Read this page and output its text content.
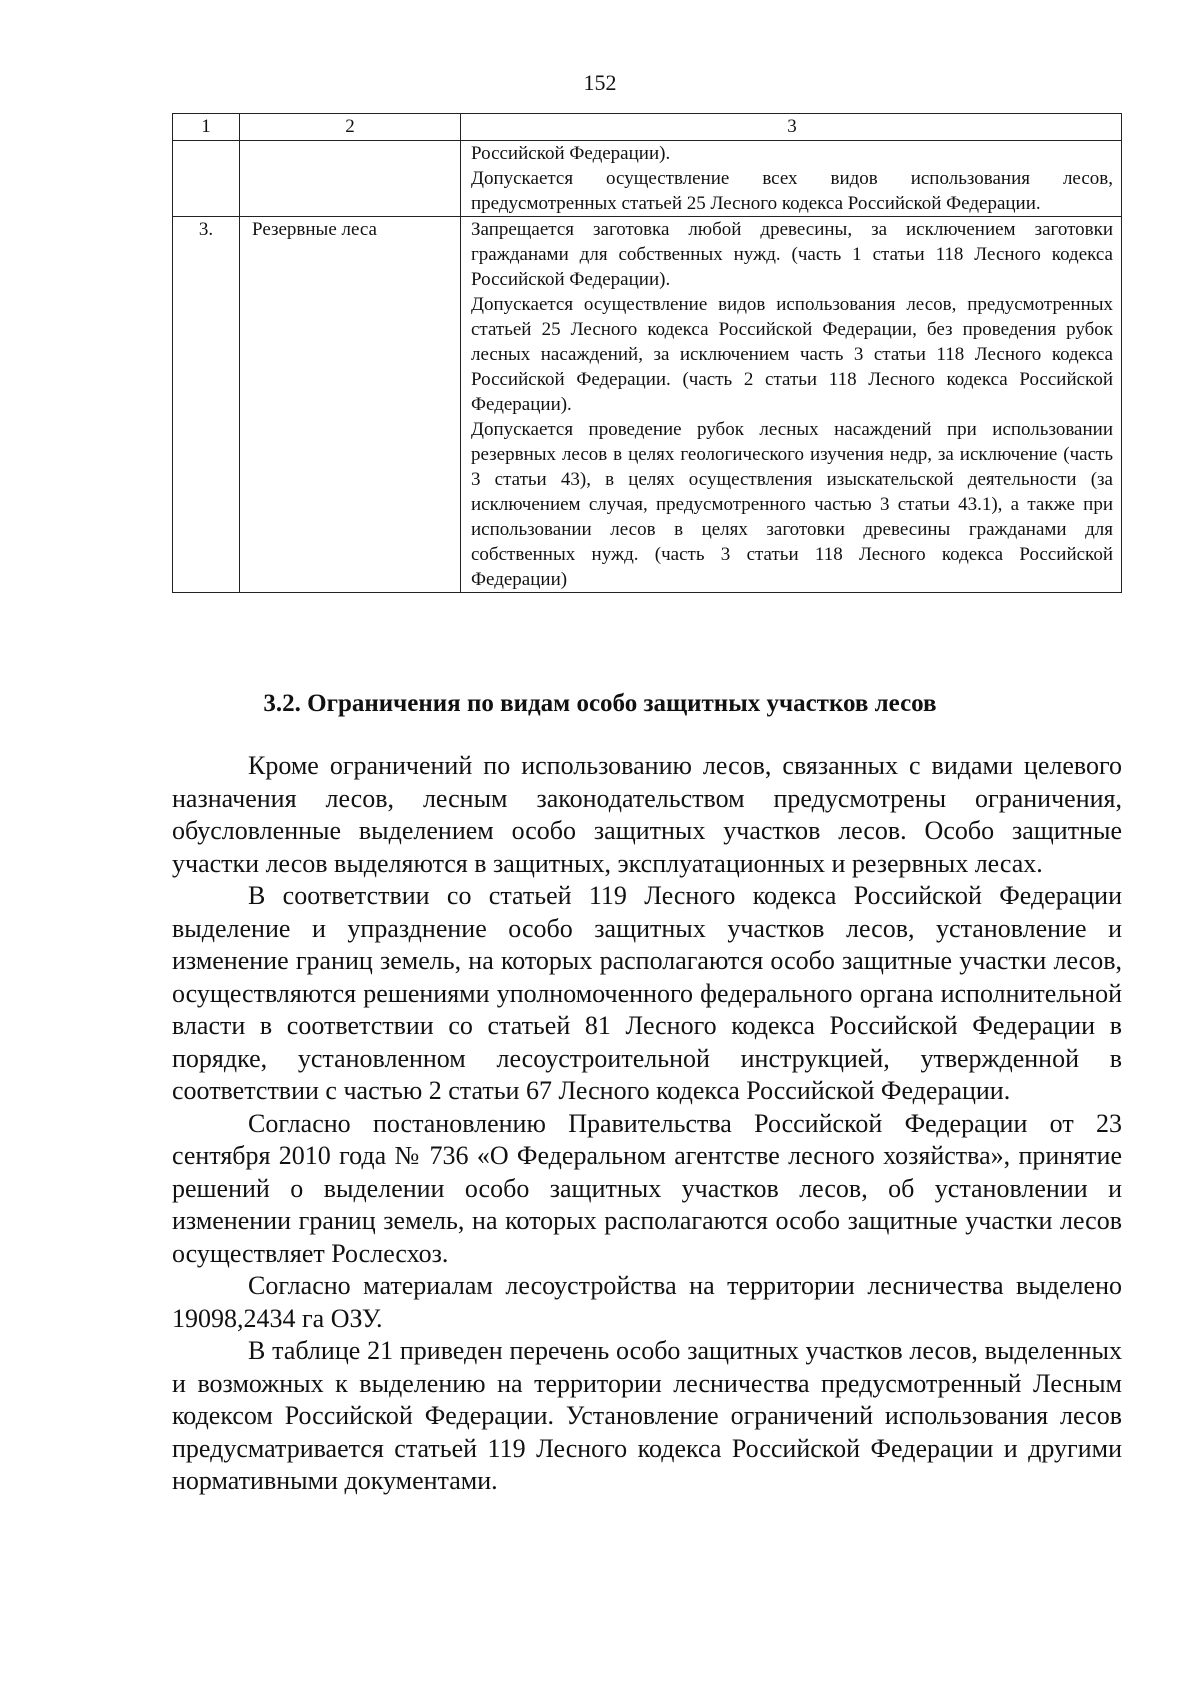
152
1	2	3

		Российской Федерации).

Допускается осуществление всех видов использования лесов, предусмотренных статьей 25 Лесного кодекса Российской Федерации.

3.	Резервные леса	Запрещается заготовка любой древесины, за исключением заготовки гражданами для собственных нужд. (часть 1 статьи 118 Лесного кодекса Российской Федерации).

Допускается осуществление видов использования лесов, предусмотренных статьей 25 Лесного кодекса Российской Федерации, без проведения рубок лесных насаждений, за исключением часть 3 статьи 118 Лесного кодекса Российской Федерации. (часть 2 статьи 118 Лесного кодекса Российской Федерации).

Допускается проведение рубок лесных насаждений при использовании резервных лесов в целях геологического изучения недр, за исключение (часть 3 статьи 43), в целях осуществления изыскательской деятельности (за исключением случая, предусмотренного частью 3 статьи 43.1), а также при использовании лесов в целях заготовки древесины гражданами для собственных нужд. (часть 3 статьи 118 Лесного кодекса Российской Федерации)

3.2. Ограничения по видам особо защитных участков лесов

Кроме ограничений по использованию лесов, связанных с видами целевого назначения лесов, лесным законодательством предусмотрены ограничения, обусловленные выделением особо защитных участков лесов. Особо защитные участки лесов выделяются в защитных, эксплуатационных и резервных лесах.

В соответствии со статьей 119 Лесного кодекса Российской Федерации выделение и упразднение особо защитных участков лесов, установление и изменение границ земель, на которых располагаются особо защитные участки лесов, осуществляются решениями уполномоченного федерального органа исполнительной власти в соответствии со статьей 81 Лесного кодекса Российской Федерации в порядке, установленном лесоустроительной инструкцией, утвержденной в соответствии с частью 2 статьи 67 Лесного кодекса Российской Федерации.

Согласно постановлению Правительства Российской Федерации от 23 сентября 2010 года № 736 «О Федеральном агентстве лесного хозяйства», принятие решений о выделении особо защитных участков лесов, об установлении и изменении границ земель, на которых располагаются особо защитные участки лесов осуществляет Рослесхоз.

Согласно материалам лесоустройства на территории лесничества выделено 19098,2434 га ОЗУ.

В таблице 21 приведен перечень особо защитных участков лесов, выделенных и возможных к выделению на территории лесничества предусмотренный Лесным кодексом Российской Федерации. Установление ограничений использования лесов предусматривается статьей 119 Лесного кодекса Российской Федерации и другими нормативными документами.
